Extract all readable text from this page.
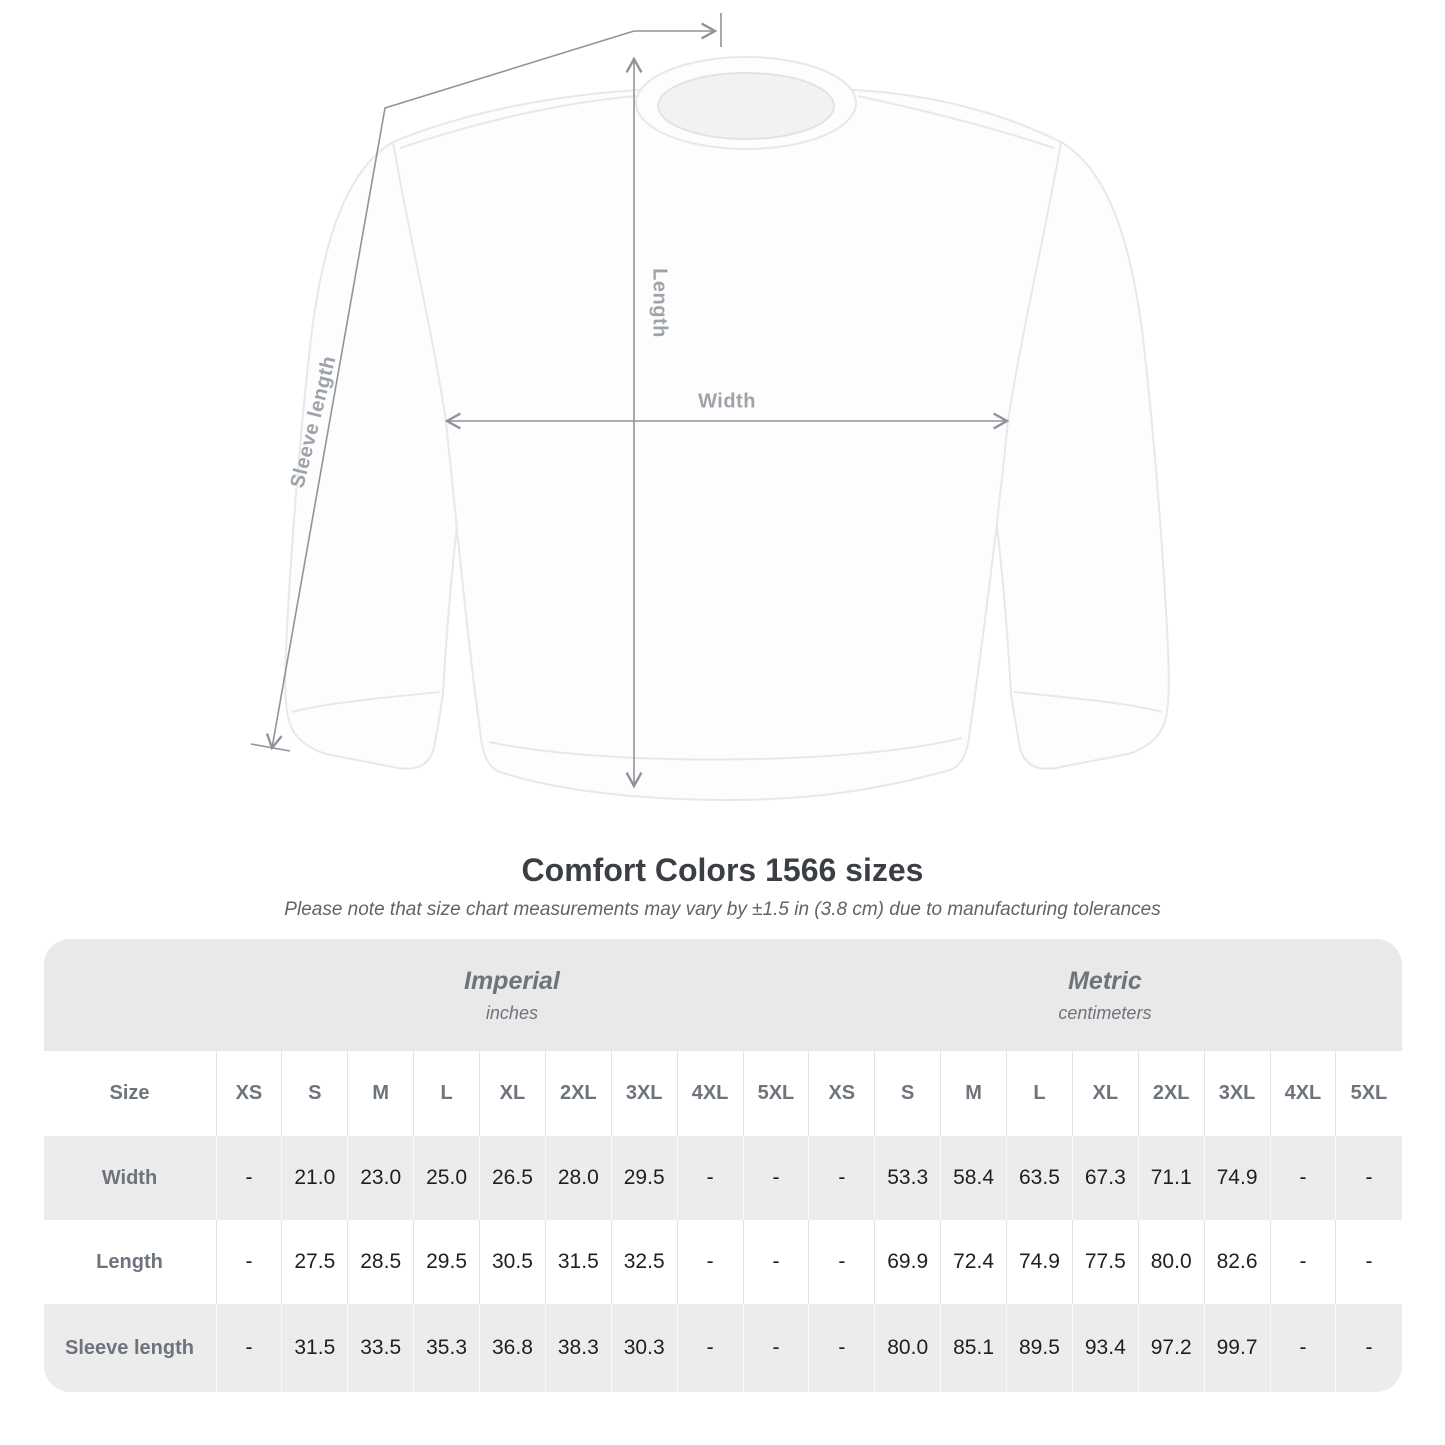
Sleeve length
Length
Width
Comfort Colors 1566 sizes

Please note that size chart measurements may vary by ±1.5 in (3.8 cm) due to manufacturing tolerances

Imperial
inches

Metric
centimeters

Size	XS	S	M	L	XL	2XL	3XL	4XL	5XL	XS	S	M	L	XL	2XL	3XL	4XL	5XL
Width	-	21.0	23.0	25.0	26.5	28.0	29.5	-	-	-	53.3	58.4	63.5	67.3	71.1	74.9	-	-
Length	-	27.5	28.5	29.5	30.5	31.5	32.5	-	-	-	69.9	72.4	74.9	77.5	80.0	82.6	-	-
Sleeve length	-	31.5	33.5	35.3	36.8	38.3	30.3	-	-	-	80.0	85.1	89.5	93.4	97.2	99.7	-	-
